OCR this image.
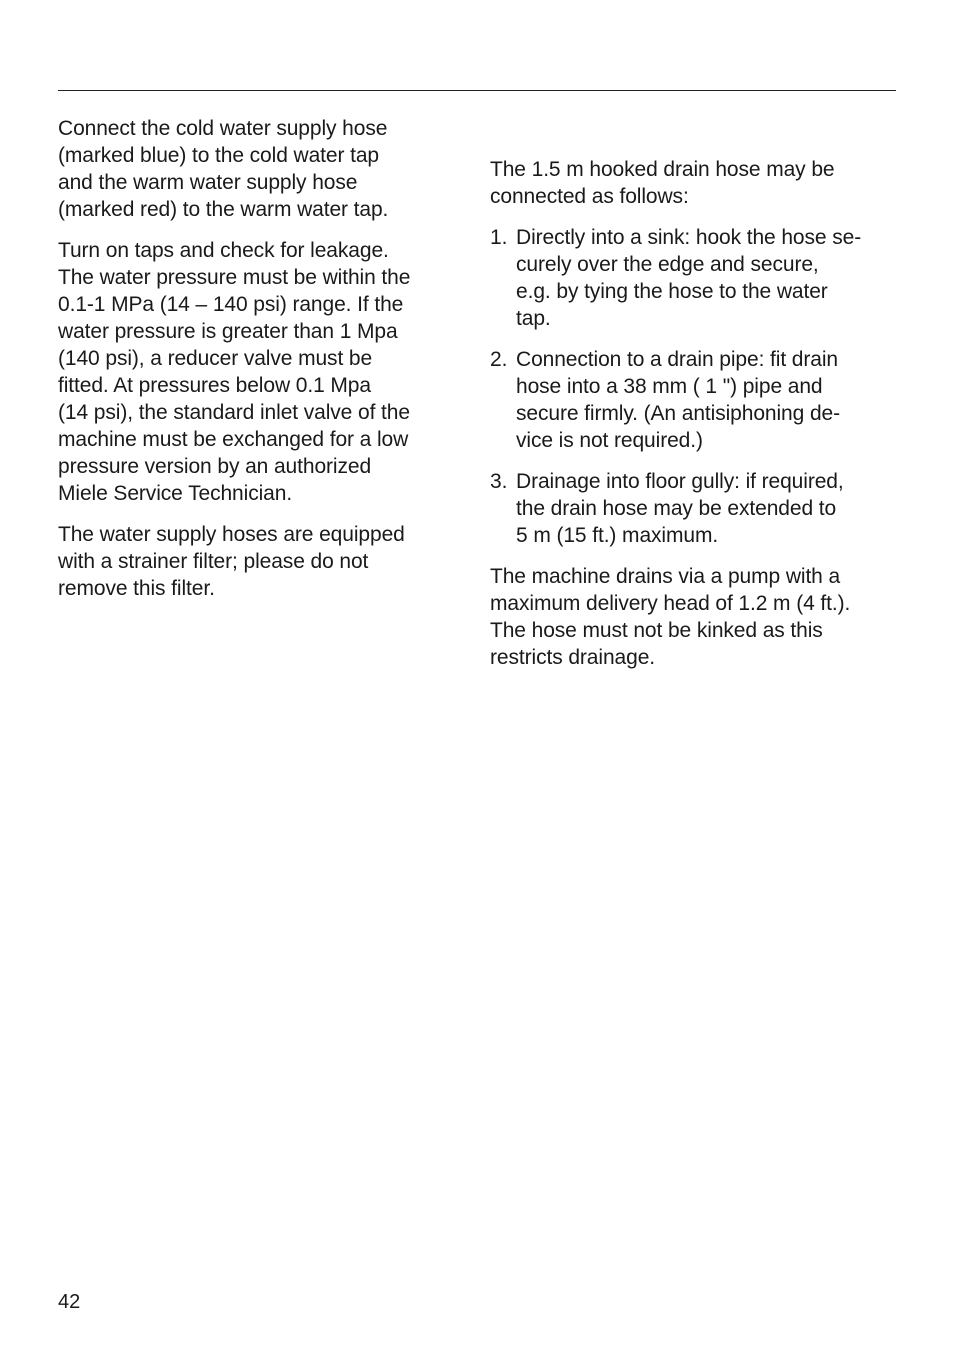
Connect the cold water supply hose
(marked blue) to the cold water tap
and the warm water supply hose
(marked red) to the warm water tap.

Turn on taps and check for leakage.
The water pressure must be within the
0.1-1 MPa (14 – 140 psi) range. If the
water pressure is greater than 1 Mpa
(140 psi), a reducer valve must be
fitted. At pressures below 0.1 Mpa
(14 psi), the standard inlet valve of the
machine must be exchanged for a low
pressure version by an authorized
Miele Service Technician.

The water supply hoses are equipped
with a strainer filter; please do not
remove this filter.

The 1.5 m hooked drain hose may be
connected as follows:

1. Directly into a sink: hook the hose se-
curely over the edge and secure,
e.g. by tying the hose to the water
tap.
2. Connection to a drain pipe: fit drain
hose into a 38 mm ( 1 ") pipe and
secure firmly. (An antisiphoning de-
vice is not required.)
3. Drainage into floor gully: if required,
the drain hose may be extended to
5 m (15 ft.) maximum.

The machine drains via a pump with a
maximum delivery head of 1.2 m (4 ft.).
The hose must not be kinked as this
restricts drainage.

42
